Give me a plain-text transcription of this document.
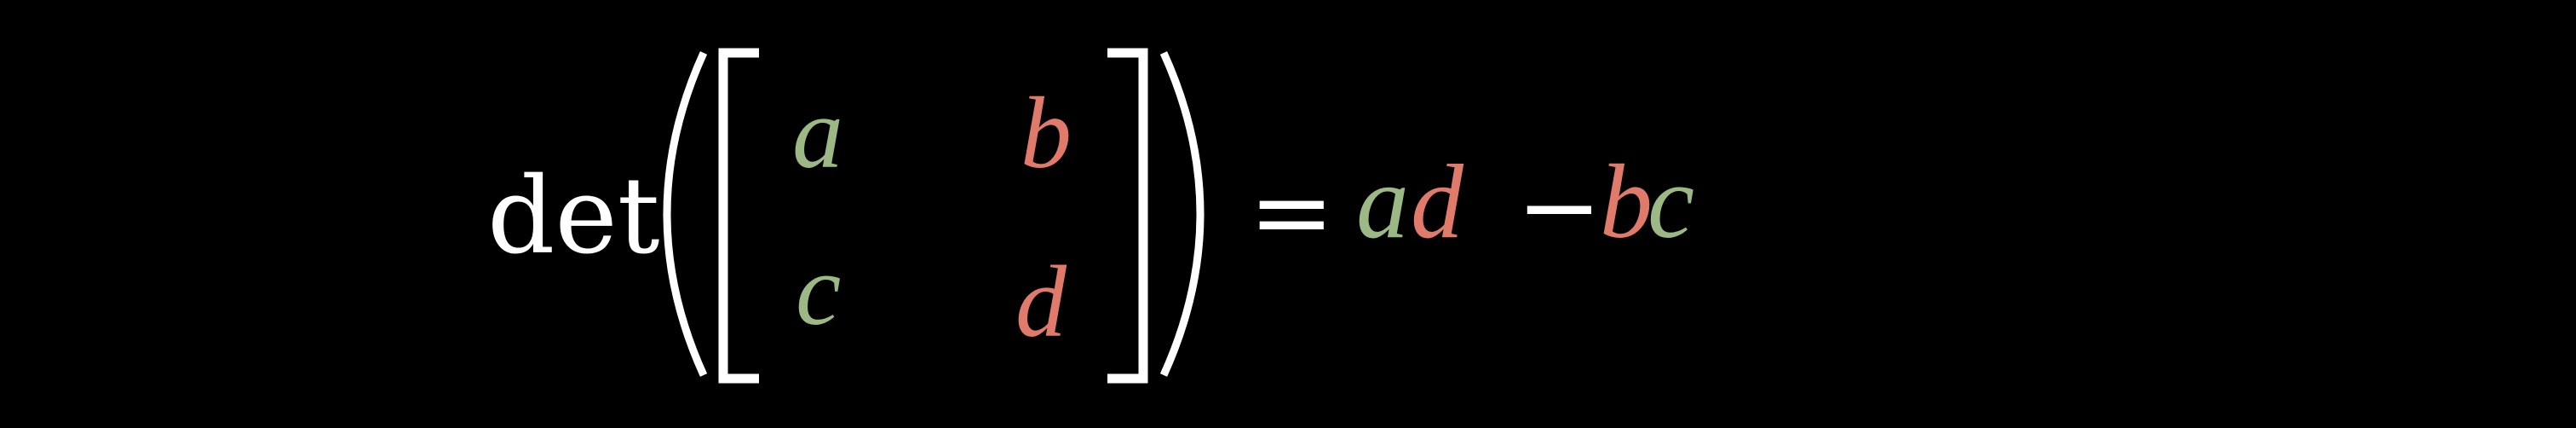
det
a b
c d
= a d −
b
c
